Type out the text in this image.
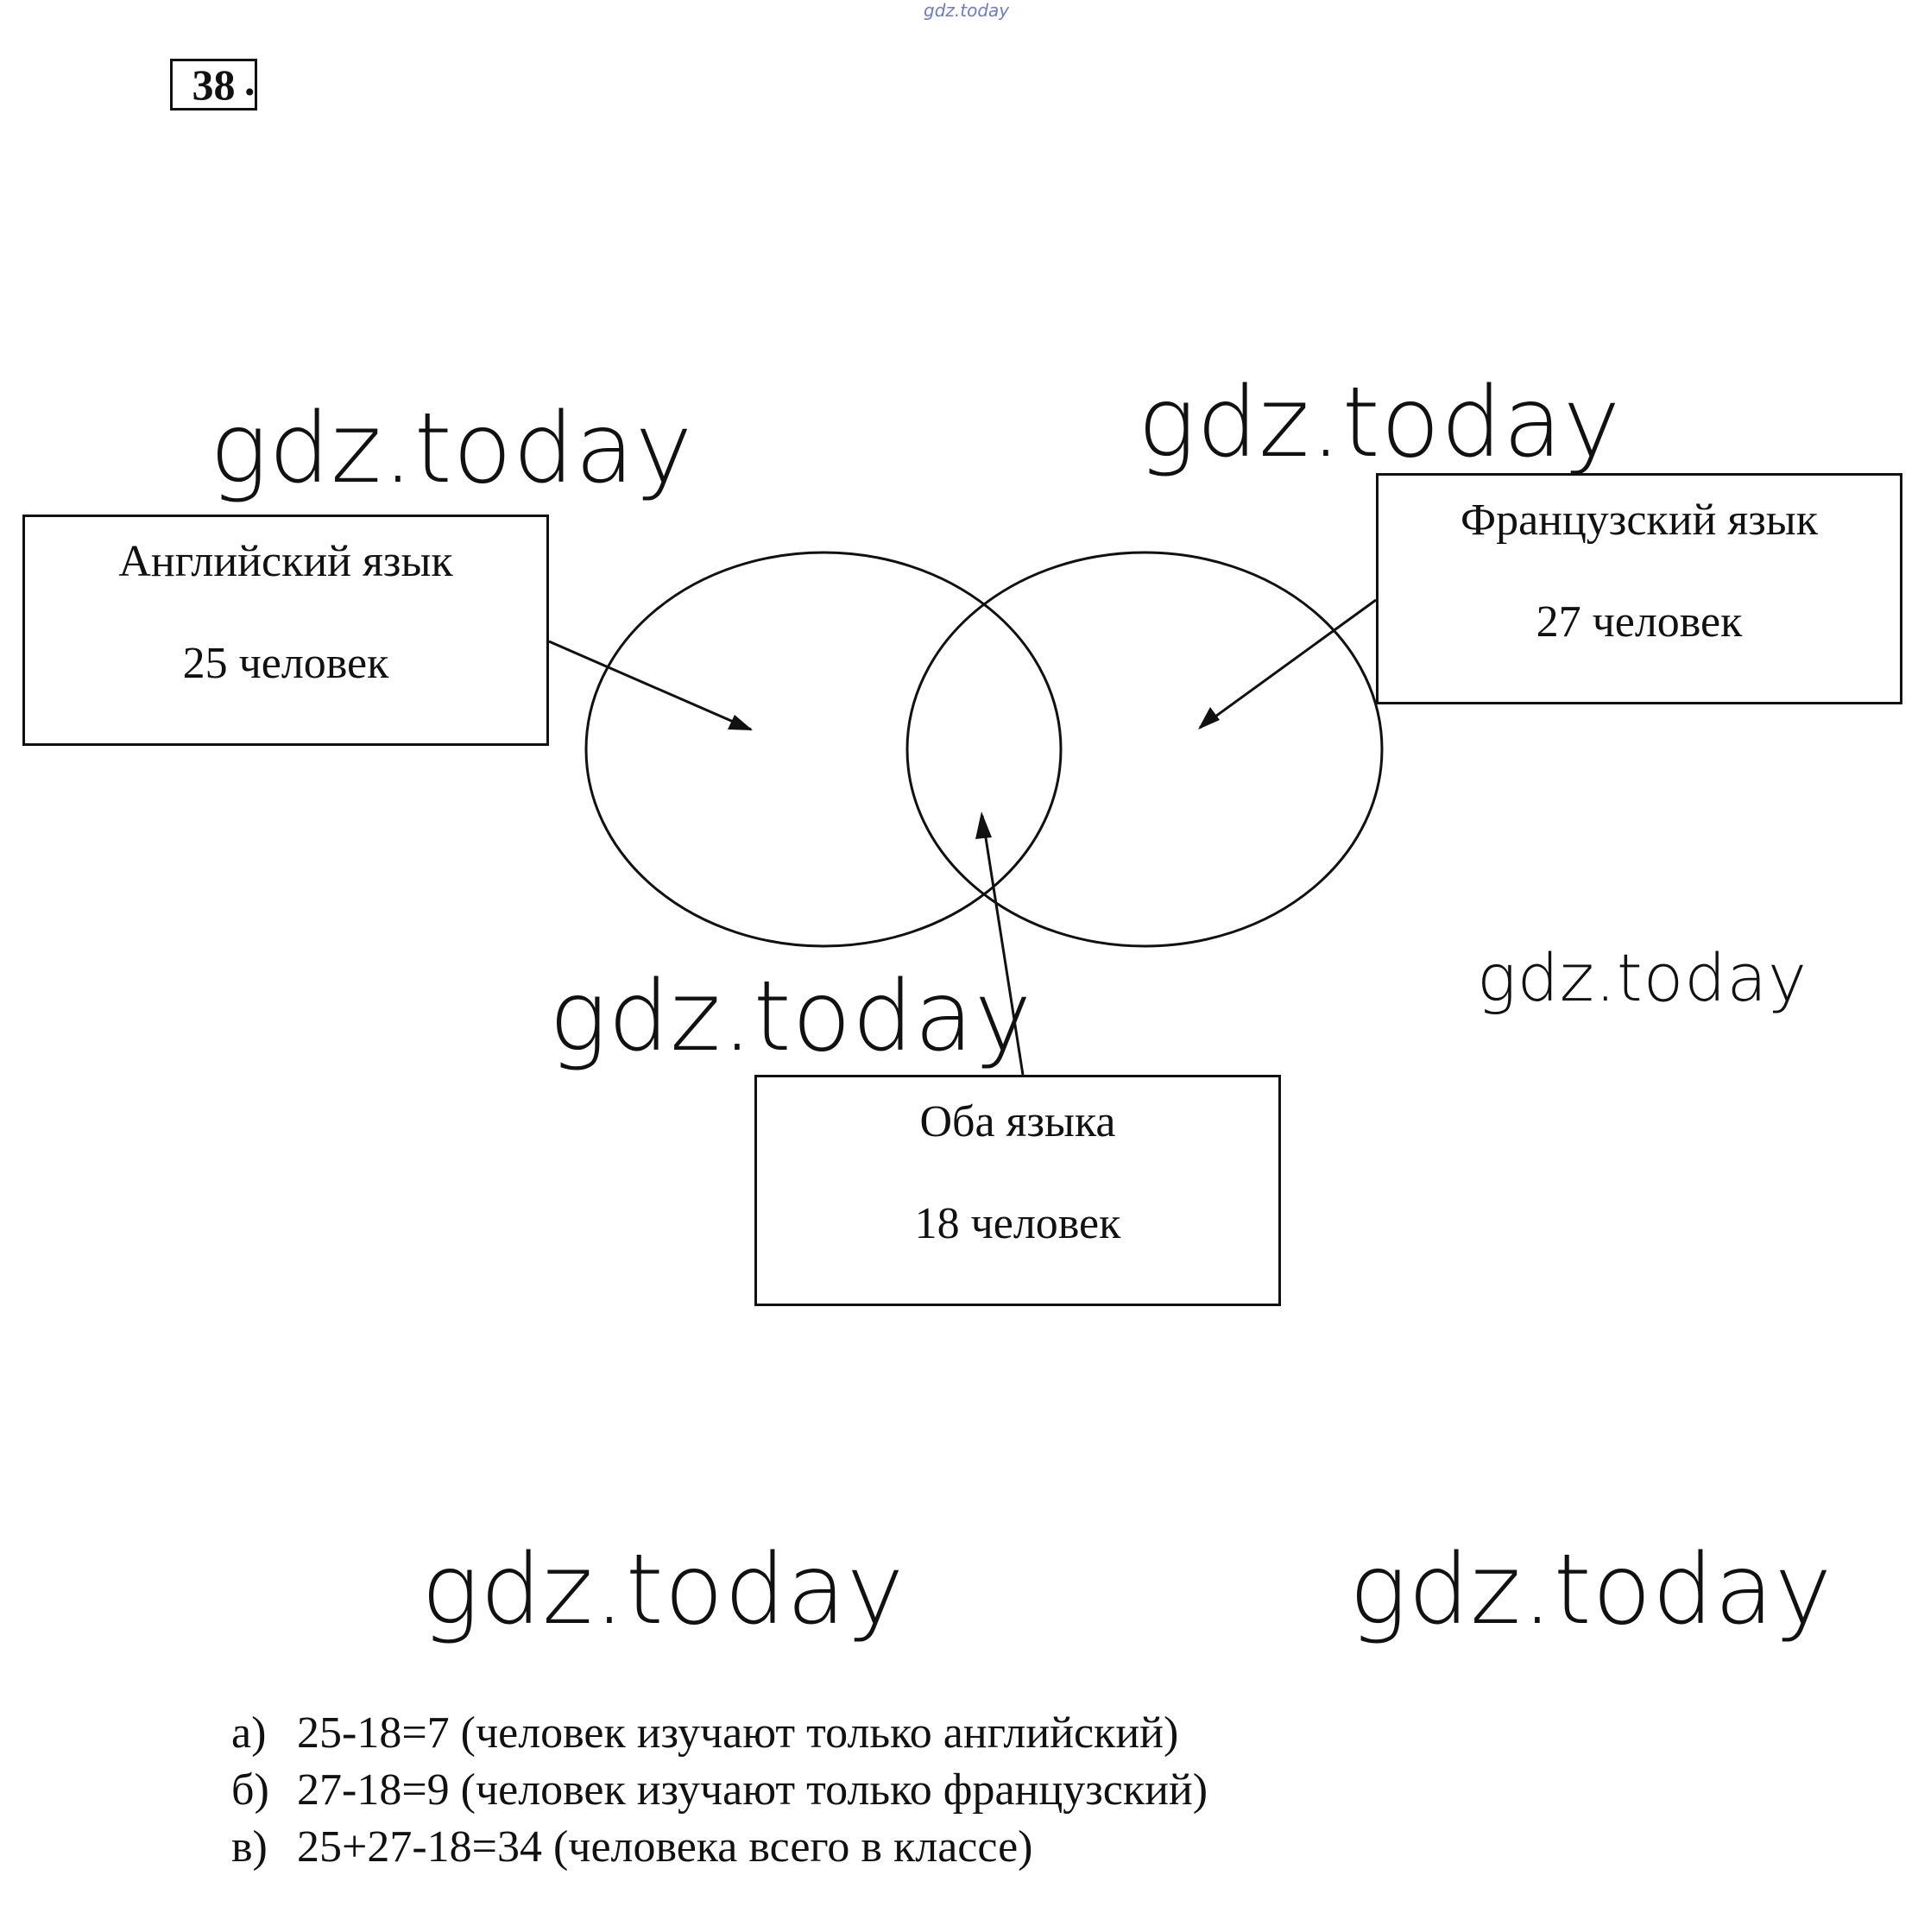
gdz.today
38 .
gdz.today	gdz.today
gdz.today
gdz.today
gdz.today	gdz.today
Английский язык
25 человек
Французский язык
27 человек
Оба языка
18 человек
а) 25-18=7 (человек изучают только английский)
б) 27-18=9 (человек изучают только французский)
в) 25+27-18=34 (человека всего в классе)
